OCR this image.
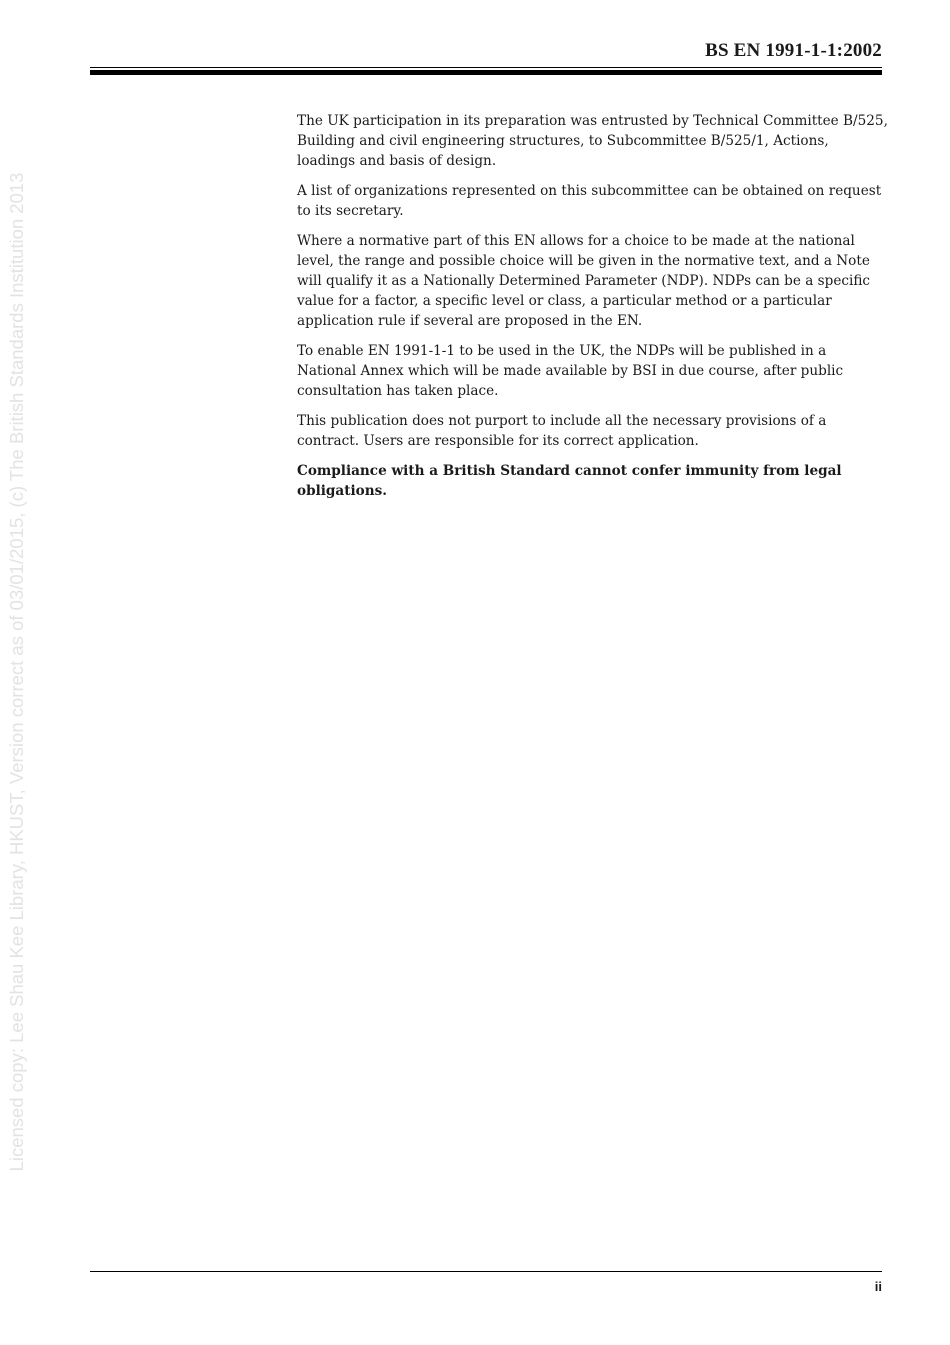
BS EN 1991-1-1:2002
Licensed copy: Lee Shau Kee Library, HKUST, Version correct as of 03/01/2015, (c) The British Standards Institution 2013

The UK participation in its preparation was entrusted by Technical Committee B/525, Building and civil engineering structures, to Subcommittee B/525/1, Actions, loadings and basis of design.

A list of organizations represented on this subcommittee can be obtained on request to its secretary.

Where a normative part of this EN allows for a choice to be made at the national level, the range and possible choice will be given in the normative text, and a Note will qualify it as a Nationally Determined Parameter (NDP). NDPs can be a specific value for a factor, a specific level or class, a particular method or a particular application rule if several are proposed in the EN.

To enable EN 1991-1-1 to be used in the UK, the NDPs will be published in a National Annex which will be made available by BSI in due course, after public consultation has taken place.

This publication does not purport to include all the necessary provisions of a contract. Users are responsible for its correct application.

Compliance with a British Standard cannot confer immunity from legal obligations.

ii
